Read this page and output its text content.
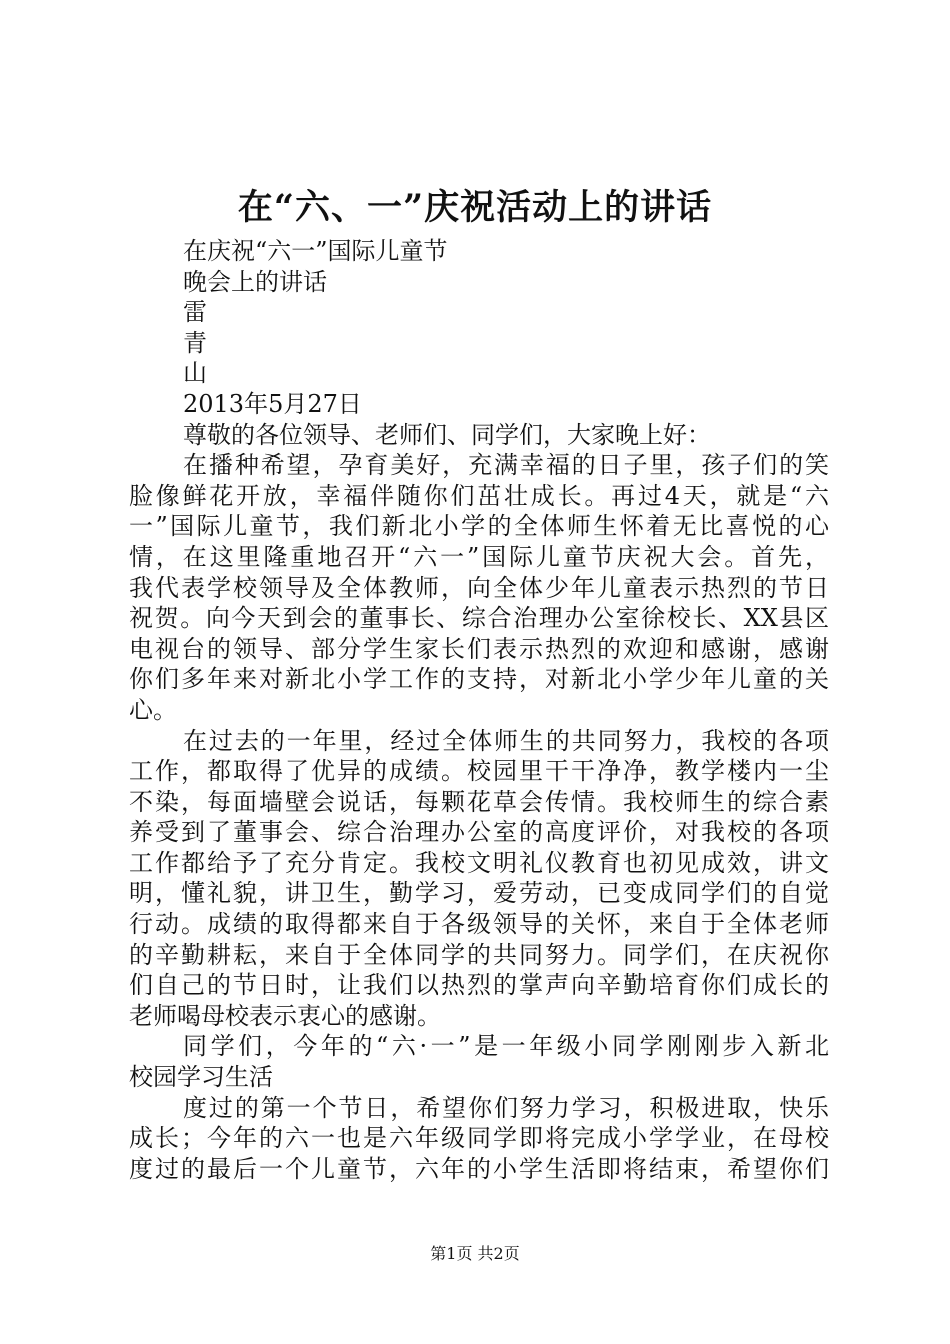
在“六、一”庆祝活动上的讲话
在庆祝“六一”国际儿童节
晚会上的讲话
雷
青
山
2013年5月27日
尊敬的各位领导、老师们、同学们，大家晚上好：
在播种希望，孕育美好，充满幸福的日子里，孩子们的笑
脸像鲜花开放，幸福伴随你们茁壮成长。再过4天，就是“六
一”国际儿童节，我们新北小学的全体师生怀着无比喜悦的心
情，在这里隆重地召开“六一”国际儿童节庆祝大会。首先，
我代表学校领导及全体教师，向全体少年儿童表示热烈的节日
祝贺。向今天到会的董事长、综合治理办公室徐校长、XX县区
电视台的领导、部分学生家长们表示热烈的欢迎和感谢，感谢
你们多年来对新北小学工作的支持，对新北小学少年儿童的关
心。
在过去的一年里，经过全体师生的共同努力，我校的各项
工作，都取得了优异的成绩。校园里干干净净，教学楼内一尘
不染，每面墙壁会说话，每颗花草会传情。我校师生的综合素
养受到了董事会、综合治理办公室的高度评价，对我校的各项
工作都给予了充分肯定。我校文明礼仪教育也初见成效，讲文
明，懂礼貌，讲卫生，勤学习，爱劳动，已变成同学们的自觉
行动。成绩的取得都来自于各级领导的关怀，来自于全体老师
的辛勤耕耘，来自于全体同学的共同努力。同学们，在庆祝你
们自己的节日时，让我们以热烈的掌声向辛勤培育你们成长的
老师喝母校表示衷心的感谢。
同学们，今年的“六·一”是一年级小同学刚刚步入新北
校园学习生活
度过的第一个节日，希望你们努力学习，积极进取，快乐
成长；今年的六一也是六年级同学即将完成小学学业，在母校
度过的最后一个儿童节，六年的小学生活即将结束，希望你们
第1页 共2页
